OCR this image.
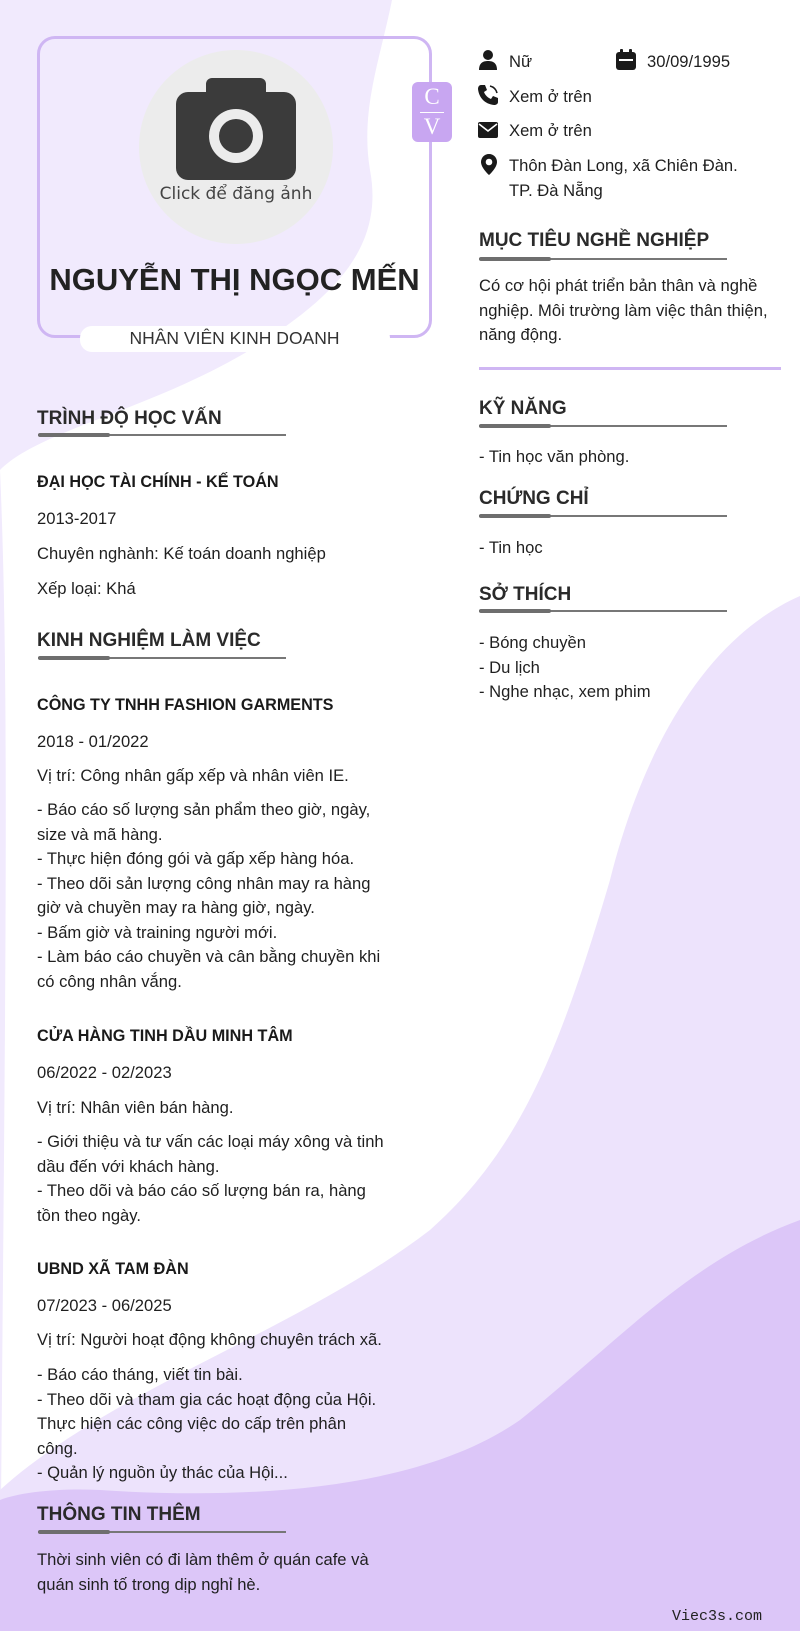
Click để đăng ảnh
C
V
NGUYỄN THỊ NGỌC MẾN
NHÂN VIÊN KINH DOANH
Nữ	30/09/1995
Xem ở trên
Xem ở trên
Thôn Đàn Long, xã Chiên Đàn.
TP. Đà Nẵng
MỤC TIÊU NGHỀ NGHIỆP
Có cơ hội phát triển bản thân và nghề
nghiệp. Môi trường làm việc thân thiện,
năng động.
KỸ NĂNG
- Tin học văn phòng.
CHỨNG CHỈ
- Tin học
SỞ THÍCH
- Bóng chuyền
- Du lịch
- Nghe nhạc, xem phim
TRÌNH ĐỘ HỌC VẤN
ĐẠI HỌC TÀI CHÍNH - KẾ TOÁN
2013-2017
Chuyên nghành: Kế toán doanh nghiệp
Xếp loại: Khá
KINH NGHIỆM LÀM VIỆC
CÔNG TY TNHH FASHION GARMENTS
2018 - 01/2022
Vị trí: Công nhân gấp xếp và nhân viên IE.
- Báo cáo số lượng sản phẩm theo giờ, ngày,
size và mã hàng.
- Thực hiện đóng gói và gấp xếp hàng hóa.
- Theo dõi sản lượng công nhân may ra hàng
giờ và chuyền may ra hàng giờ, ngày.
- Bấm giờ và training người mới.
- Làm báo cáo chuyền và cân bằng chuyền khi
có công nhân vắng.
CỬA HÀNG TINH DẦU MINH TÂM
06/2022 - 02/2023
Vị trí: Nhân viên bán hàng.
- Giới thiệu và tư vấn các loại máy xông và tinh
dầu đến với khách hàng.
- Theo dõi và báo cáo số lượng bán ra, hàng
tồn theo ngày.
UBND XÃ TAM ĐÀN
07/2023 - 06/2025
Vị trí: Người hoạt động không chuyên trách xã.
- Báo cáo tháng, viết tin bài.
- Theo dõi và tham gia các hoạt động của Hội.
Thực hiện các công việc do cấp trên phân
công.
- Quản lý nguồn ủy thác của Hội...
THÔNG TIN THÊM
Thời sinh viên có đi làm thêm ở quán cafe và
quán sinh tố trong dịp nghỉ hè.
Viec3s.com
